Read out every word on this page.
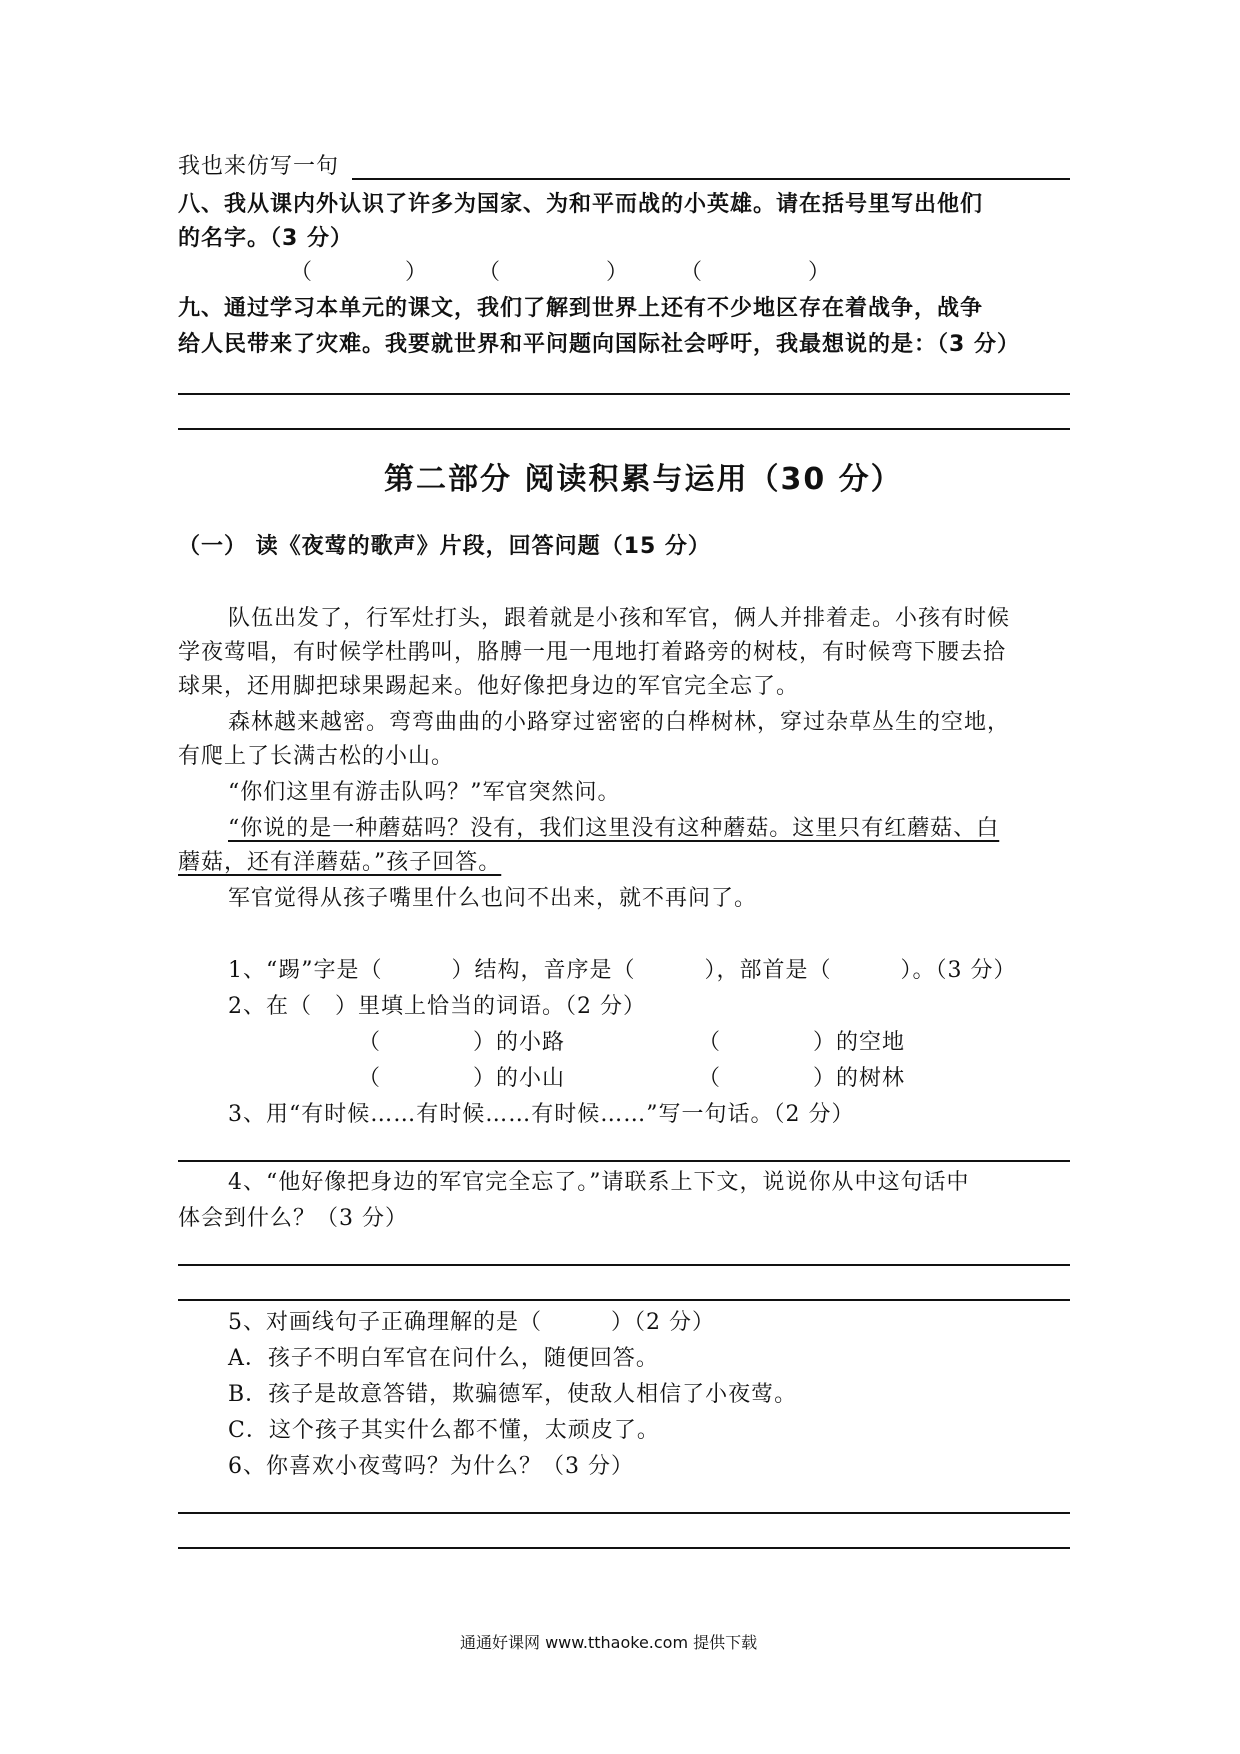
我也来仿写一句
八、我从课内外认识了许多为国家、为和平而战的小英雄。请在括号里写出他们
的名字。（3 分）
（	） （	） （	）
九、通过学习本单元的课文，我们了解到世界上还有不少地区存在着战争，战争
给人民带来了灾难。我要就世界和平问题向国际社会呼吁，我最想说的是：（3 分）
第二部分 阅读积累与运用（30 分）
（一） 读《夜莺的歌声》片段，回答问题（15 分）
队伍出发了，行军灶打头，跟着就是小孩和军官，俩人并排着走。小孩有时候
学夜莺唱，有时候学杜鹃叫，胳膊一甩一甩地打着路旁的树枝，有时候弯下腰去拾
球果，还用脚把球果踢起来。他好像把身边的军官完全忘了。
森林越来越密。弯弯曲曲的小路穿过密密的白桦树林，穿过杂草丛生的空地，
有爬上了长满古松的小山。
“你们这里有游击队吗？”军官突然问。
“你说的是一种蘑菇吗？没有，我们这里没有这种蘑菇。这里只有红蘑菇、白
蘑菇，还有洋蘑菇。”孩子回答。
军官觉得从孩子嘴里什么也问不出来，就不再问了。
1、“踢”字是（　　　）结构，音序是（　　　），部首是（　　　）。（3 分）
2、在（　）里填上恰当的词语。（2 分）
（　　　　）的小路	（　　　　）的空地
（　　　　）的小山	（　　　　）的树林
3、用“有时候……有时候……有时候……”写一句话。（2 分）
4、“他好像把身边的军官完全忘了。”请联系上下文，说说你从中这句话中
体会到什么？（3 分）
5、对画线句子正确理解的是（　　　）（2 分）
A．孩子不明白军官在问什么，随便回答。
B．孩子是故意答错，欺骗德军，使敌人相信了小夜莺。
C．这个孩子其实什么都不懂，太顽皮了。
6、你喜欢小夜莺吗？为什么？（3 分）
通通好课网 www.tthaoke.com 提供下载
